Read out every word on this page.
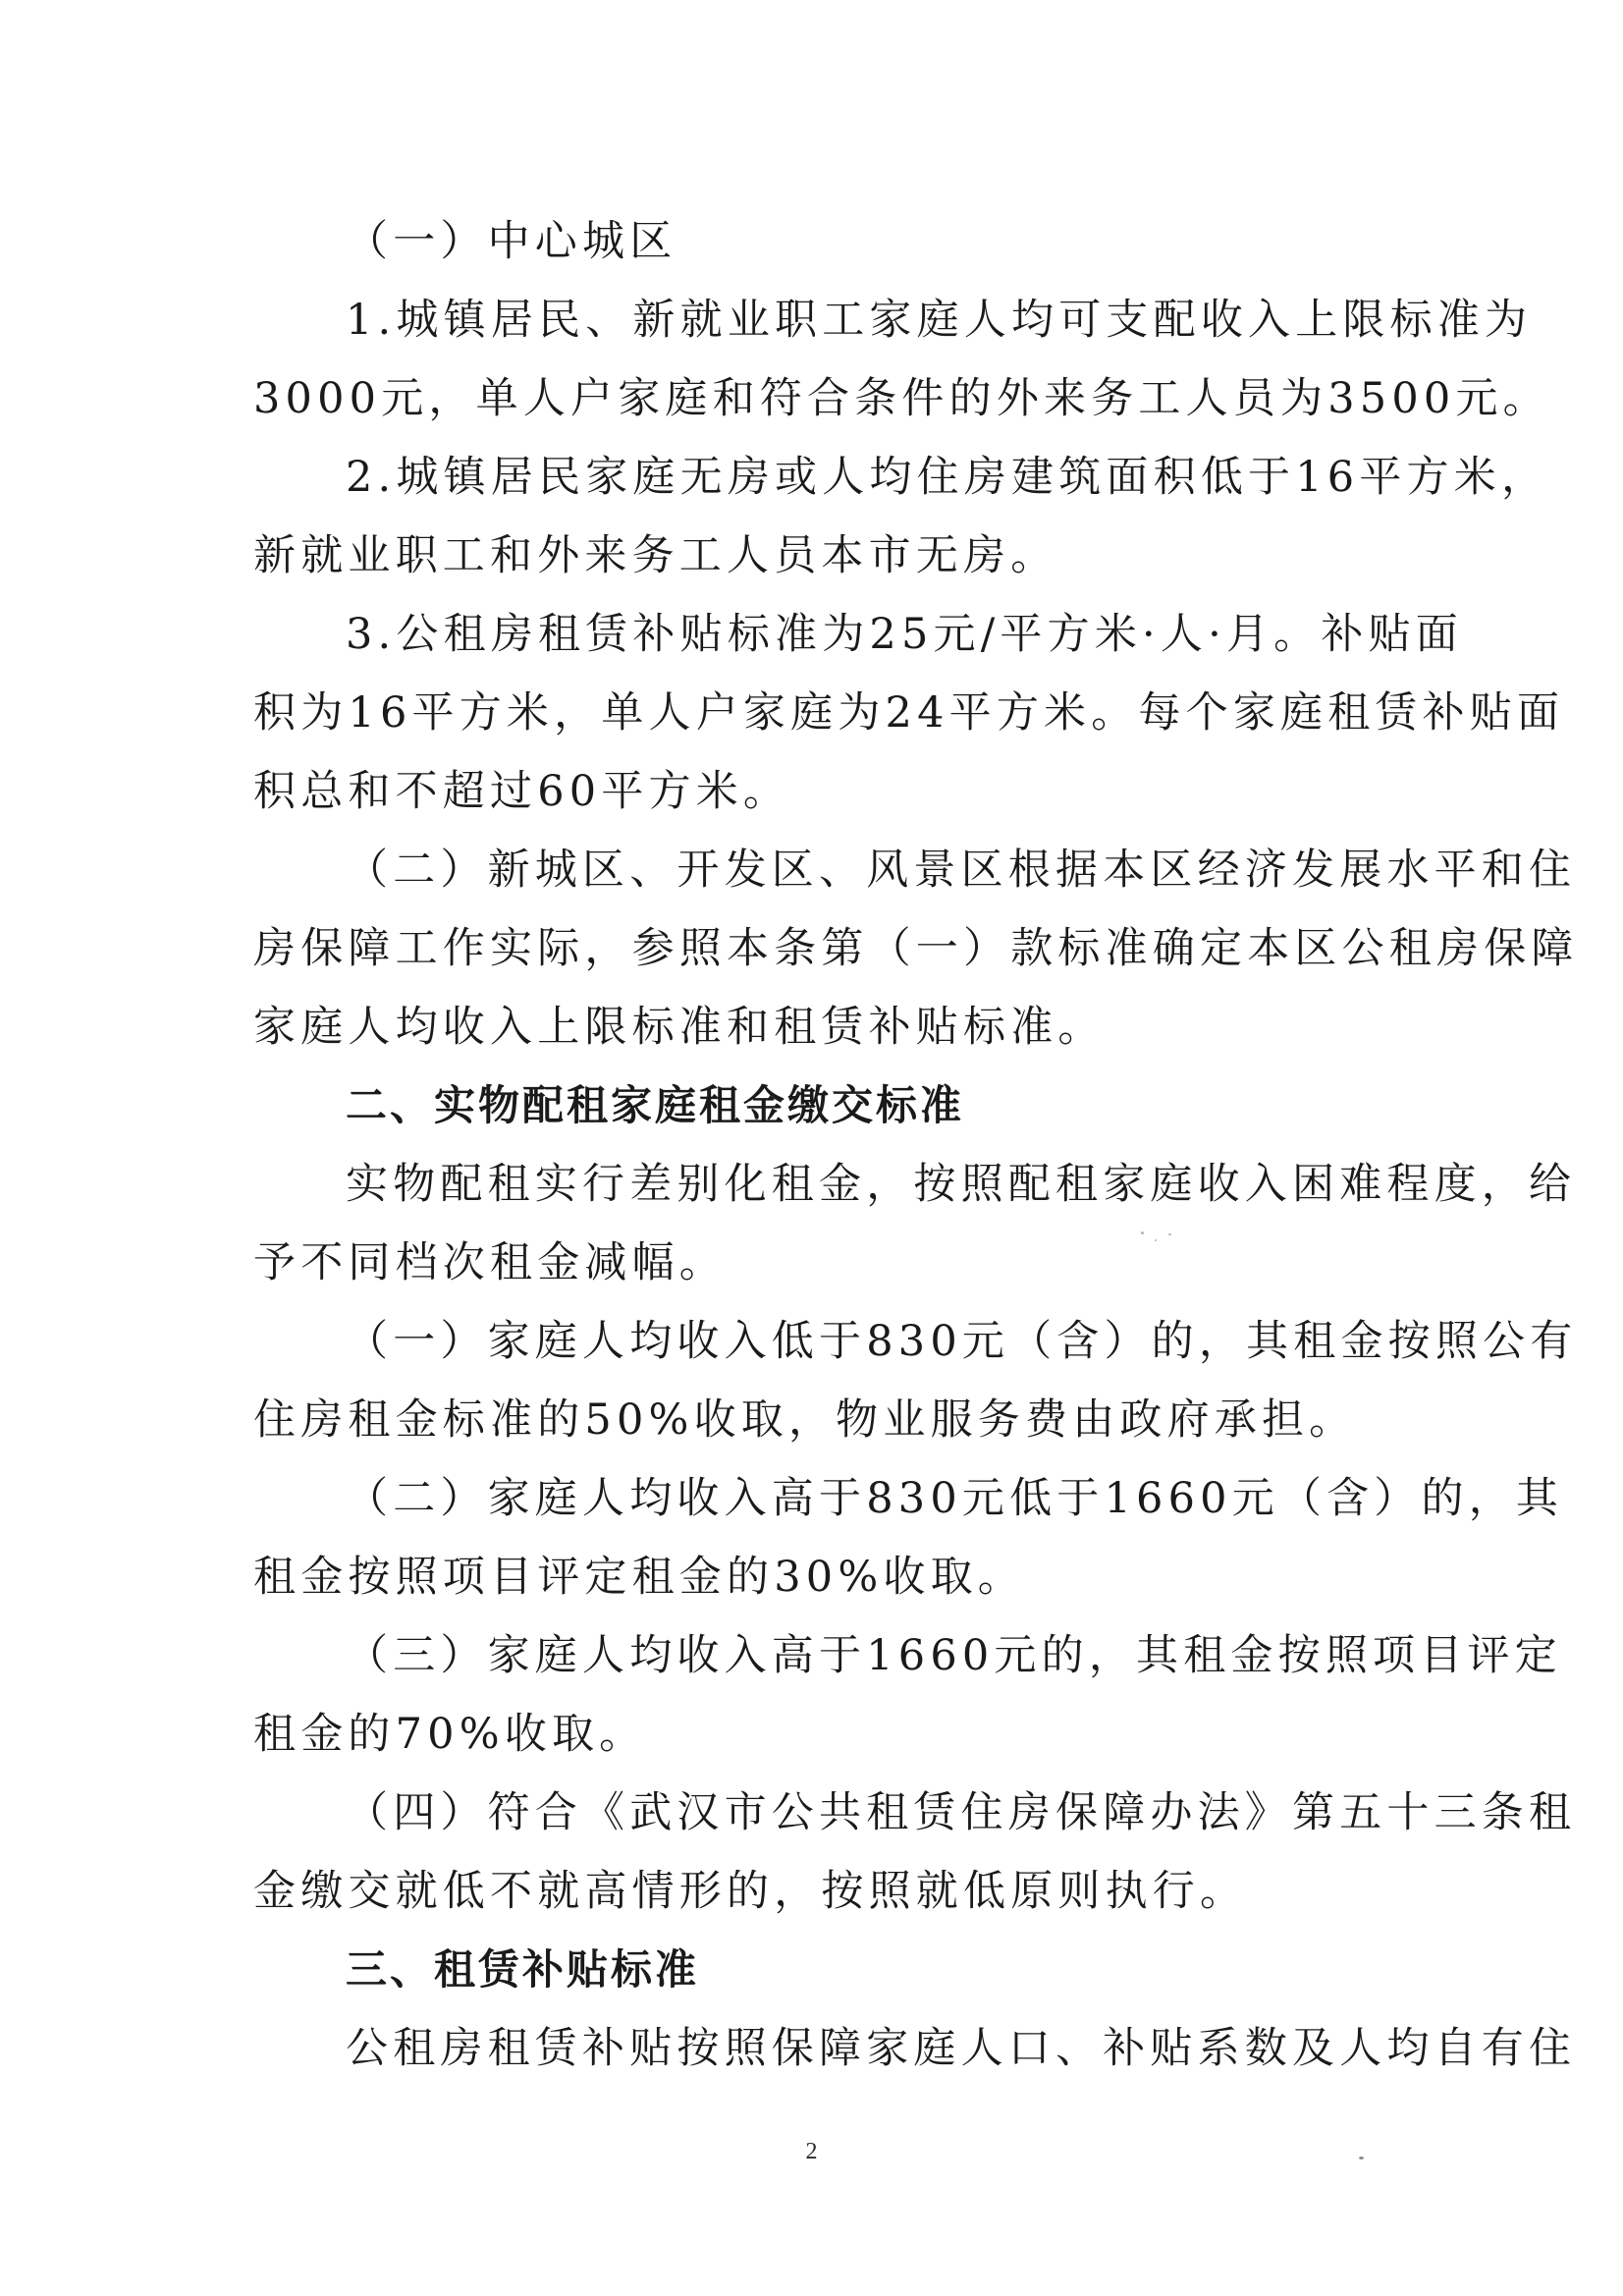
（一）中心城区
1.城镇居民、新就业职工家庭人均可支配收入上限标准为
3000元，单人户家庭和符合条件的外来务工人员为3500元。
2.城镇居民家庭无房或人均住房建筑面积低于16平方米，
新就业职工和外来务工人员本市无房。
3.公租房租赁补贴标准为25元/平方米·人·月。补贴面
积为16平方米，单人户家庭为24平方米。每个家庭租赁补贴面
积总和不超过60平方米。
（二）新城区、开发区、风景区根据本区经济发展水平和住
房保障工作实际，参照本条第（一）款标准确定本区公租房保障
家庭人均收入上限标准和租赁补贴标准。
二、实物配租家庭租金缴交标准
实物配租实行差别化租金，按照配租家庭收入困难程度，给
予不同档次租金减幅。
（一）家庭人均收入低于830元（含）的，其租金按照公有
住房租金标准的50%收取，物业服务费由政府承担。
（二）家庭人均收入高于830元低于1660元（含）的，其
租金按照项目评定租金的30%收取。
（三）家庭人均收入高于1660元的，其租金按照项目评定
租金的70%收取。
（四）符合《武汉市公共租赁住房保障办法》第五十三条租
金缴交就低不就高情形的，按照就低原则执行。
三、租赁补贴标准
公租房租赁补贴按照保障家庭人口、补贴系数及人均自有住
2
